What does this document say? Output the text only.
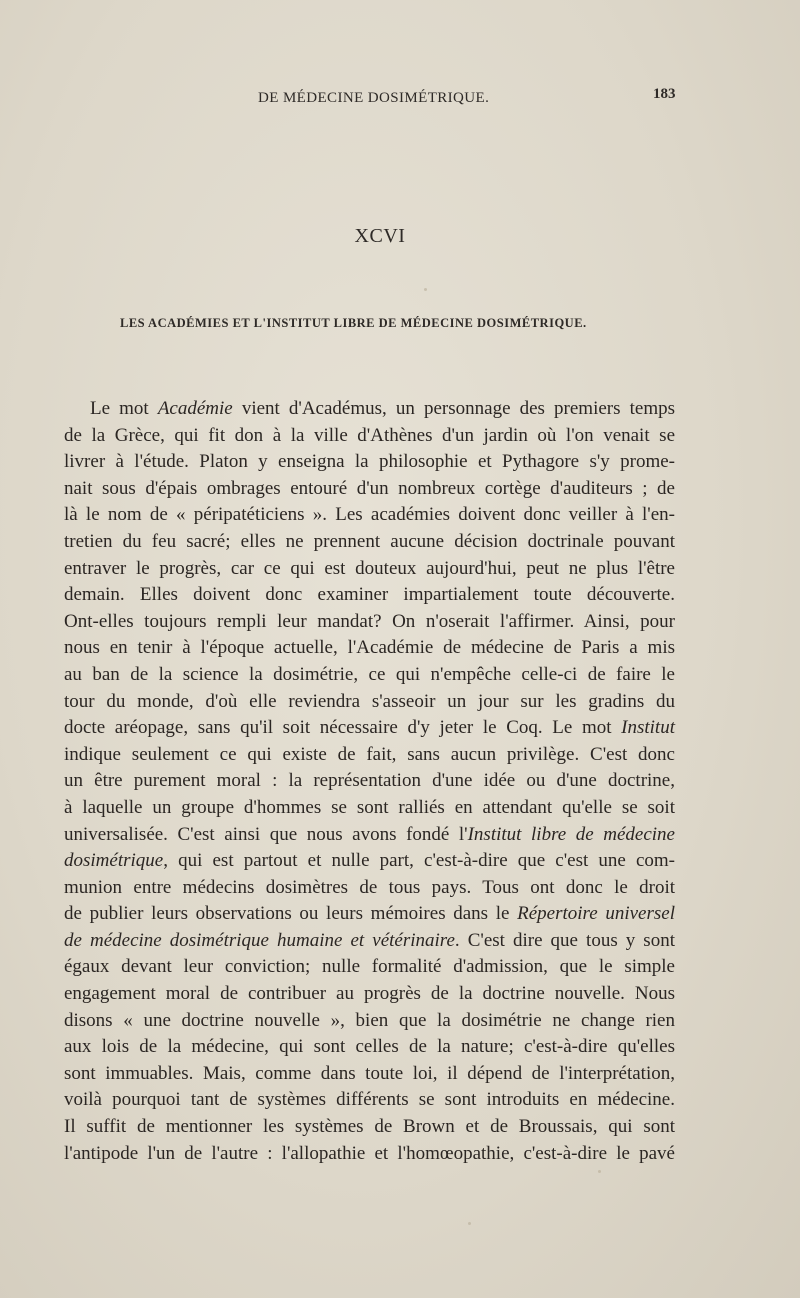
DE MÉDECINE DOSIMÉTRIQUE.	183
XCVI
LES ACADÉMIES ET L'INSTITUT LIBRE DE MÉDECINE DOSIMÉTRIQUE.
Le mot Académie vient d'Académus, un personnage des premiers temps
de la Grèce, qui fit don à la ville d'Athènes d'un jardin où l'on venait se
livrer à l'étude. Platon y enseigna la philosophie et Pythagore s'y prome-
nait sous d'épais ombrages entouré d'un nombreux cortège d'auditeurs ; de
là le nom de « péripatéticiens ». Les académies doivent donc veiller à l'en-
tretien du feu sacré; elles ne prennent aucune décision doctrinale pouvant
entraver le progrès, car ce qui est douteux aujourd'hui, peut ne plus l'être
demain. Elles doivent donc examiner impartialement toute découverte.
Ont-elles toujours rempli leur mandat? On n'oserait l'affirmer. Ainsi, pour
nous en tenir à l'époque actuelle, l'Académie de médecine de Paris a mis
au ban de la science la dosimétrie, ce qui n'empêche celle-ci de faire le
tour du monde, d'où elle reviendra s'asseoir un jour sur les gradins du
docte aréopage, sans qu'il soit nécessaire d'y jeter le Coq. Le mot Institut
indique seulement ce qui existe de fait, sans aucun privilège. C'est donc
un être purement moral : la représentation d'une idée ou d'une doctrine,
à laquelle un groupe d'hommes se sont ralliés en attendant qu'elle se soit
universalisée. C'est ainsi que nous avons fondé l'Institut libre de médecine
dosimétrique, qui est partout et nulle part, c'est-à-dire que c'est une com-
munion entre médecins dosimètres de tous pays. Tous ont donc le droit
de publier leurs observations ou leurs mémoires dans le Répertoire universel
de médecine dosimétrique humaine et vétérinaire. C'est dire que tous y sont
égaux devant leur conviction; nulle formalité d'admission, que le simple
engagement moral de contribuer au progrès de la doctrine nouvelle. Nous
disons « une doctrine nouvelle », bien que la dosimétrie ne change rien
aux lois de la médecine, qui sont celles de la nature; c'est-à-dire qu'elles
sont immuables. Mais, comme dans toute loi, il dépend de l'interprétation,
voilà pourquoi tant de systèmes différents se sont introduits en médecine.
Il suffit de mentionner les systèmes de Brown et de Broussais, qui sont
l'antipode l'un de l'autre : l'allopathie et l'homœopathie, c'est-à-dire le pavé
